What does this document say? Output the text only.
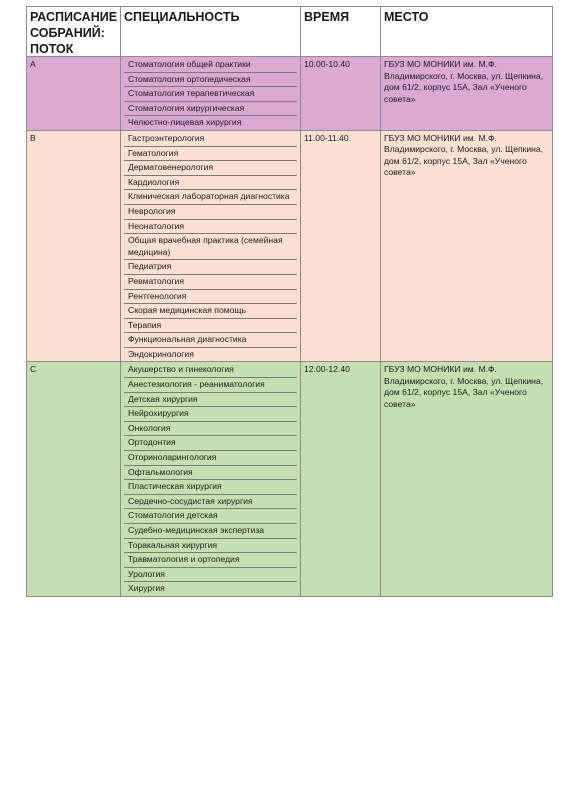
РАСПИСАНИЕ СОБРАНИЙ: ПОТОК
СПЕЦИАЛЬНОСТЬ	ВРЕМЯ	МЕСТО
А	Стоматология общей практики
Стоматология ортопедическая
Стоматология терапевтическая
Стоматология хирургическая
Челюстно-лицевая хирургия
10.00-10.40	ГБУЗ МО МОНИКИ им. М.Ф. Владимирского, г. Москва, ул. Щепкина, дом 61/2, корпус 15А, Зал «Ученого совета»
B	Гастроэнтерология
Гематология
Дерматовенерология
Кардиология
Клиническая лабораторная диагностика
Неврология
Неонатология
Общая врачебная практика (семейная медицина)
Педиатрия
Ревматология
Рентгенология
Скорая медицинская помощь
Терапия
Функциональная диагностика
Эндокринология
11.00-11.40	ГБУЗ МО МОНИКИ им. М.Ф. Владимирского, г. Москва, ул. Щепкина, дом 61/2, корпус 15А, Зал «Ученого совета»
C	Акушерство и гинекология
Анестезиология - реаниматология
Детская хирургия
Нейрохирургия
Онкология
Ортодонтия
Оториноларингология
Офтальмология
Пластическая хирургия
Сердечно-сосудистая хирургия
Стоматология детская
Судебно-медицинская экспертиза
Торакальная хирургия
Травматология и ортопедия
Урология
Хирургия
12.00-12.40	ГБУЗ МО МОНИКИ им. М.Ф. Владимирского, г. Москва, ул. Щепкина, дом 61/2, корпус 15А, Зал «Ученого совета»
